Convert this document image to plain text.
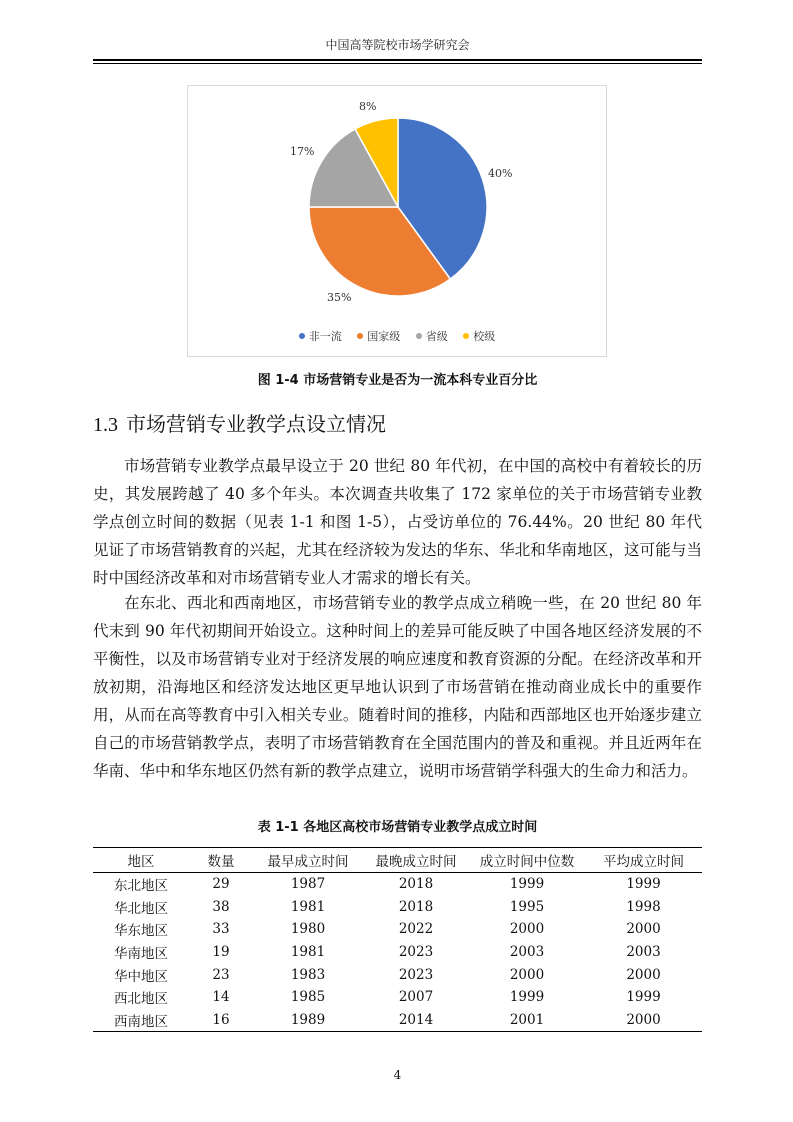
中国高等院校市场学研究会
40%
35%
17%
8%
非一流 国家级 省级 校级
图 1-4 市场营销专业是否为一流本科专业百分比
1.3 市场营销专业教学点设立情况

市场营销专业教学点最早设立于 20 世纪 80 年代初，在中国的高校中有着较长的历史，其发展跨越了 40 多个年头。本次调查共收集了 172 家单位的关于市场营销专业教学点创立时间的数据（见表 1-1 和图 1-5），占受访单位的 76.44%。20 世纪 80 年代见证了市场营销教育的兴起，尤其在经济较为发达的华东、华北和华南地区，这可能与当时中国经济改革和对市场营销专业人才需求的增长有关。

在东北、西北和西南地区，市场营销专业的教学点成立稍晚一些，在 20 世纪 80 年代末到 90 年代初期间开始设立。这种时间上的差异可能反映了中国各地区经济发展的不平衡性，以及市场营销专业对于经济发展的响应速度和教育资源的分配。在经济改革和开放初期，沿海地区和经济发达地区更早地认识到了市场营销在推动商业成长中的重要作用，从而在高等教育中引入相关专业。随着时间的推移，内陆和西部地区也开始逐步建立自己的市场营销教学点，表明了市场营销教育在全国范围内的普及和重视。并且近两年在华南、华中和华东地区仍然有新的教学点建立，说明市场营销学科强大的生命力和活力。

表 1-1 各地区高校市场营销专业教学点成立时间
地区	数量	最早成立时间	最晚成立时间	成立时间中位数	平均成立时间
东北地区	29	1987	2018	1999	1999
华北地区	38	1981	2018	1995	1998
华东地区	33	1980	2022	2000	2000
华南地区	19	1981	2023	2003	2003
华中地区	23	1983	2023	2000	2000
西北地区	14	1985	2007	1999	1999
西南地区	16	1989	2014	2001	2000
4
